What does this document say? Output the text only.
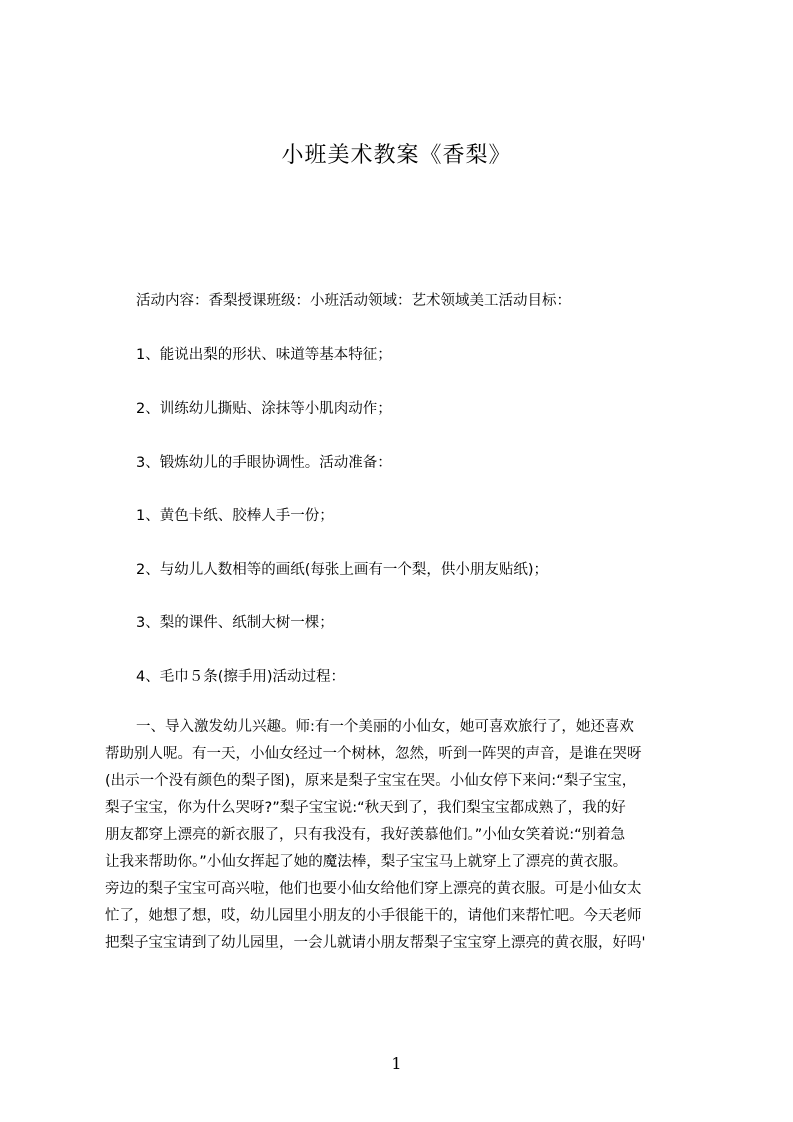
小班美术教案《香梨》
活动内容：香梨授课班级：小班活动领域：艺术领域美工活动目标：
1、能说出梨的形状、味道等基本特征；
2、训练幼儿撕贴、涂抹等小肌肉动作；
3、锻炼幼儿的手眼协调性。活动准备：
1、黄色卡纸、胶棒人手一份；
2、与幼儿人数相等的画纸(每张上画有一个梨，供小朋友贴纸)；
3、梨的课件、纸制大树一棵；
4、毛巾５条(擦手用)活动过程：
一、导入激发幼儿兴趣。师:有一个美丽的小仙女，她可喜欢旅行了，她还喜欢
帮助别人呢。有一天，小仙女经过一个树林，忽然，听到一阵哭的声音，是谁在哭呀
(出示一个没有颜色的梨子图)，原来是梨子宝宝在哭。小仙女停下来问:“梨子宝宝，
梨子宝宝，你为什么哭呀?”梨子宝宝说:“秋天到了，我们梨宝宝都成熟了，我的好
朋友都穿上漂亮的新衣服了，只有我没有，我好羡慕他们。”小仙女笑着说:“别着急
让我来帮助你。”小仙女挥起了她的魔法棒，梨子宝宝马上就穿上了漂亮的黄衣服。
旁边的梨子宝宝可高兴啦，他们也要小仙女给他们穿上漂亮的黄衣服。可是小仙女太
忙了，她想了想，哎，幼儿园里小朋友的小手很能干的，请他们来帮忙吧。今天老师
把梨子宝宝请到了幼儿园里，一会儿就请小朋友帮梨子宝宝穿上漂亮的黄衣服，好吗'
1
